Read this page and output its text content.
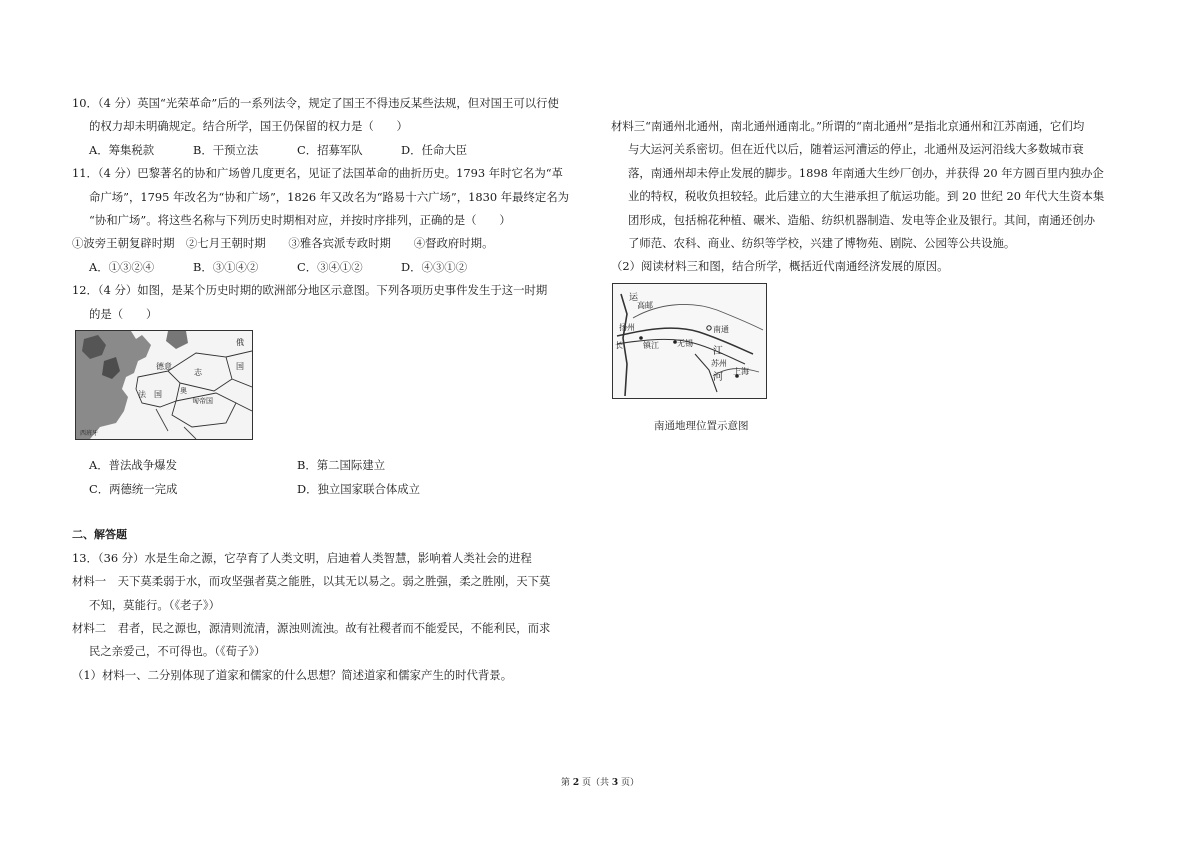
10．（4 分）英国“光荣革命”后的一系列法令，规定了国王不得违反某些法规，但对国王可以行使
的权力却未明确规定。结合所学，国王仍保留的权力是（　　）
A．筹集税款	B．干预立法	C．招募军队	D．任命大臣
11．（4 分）巴黎著名的协和广场曾几度更名，见证了法国革命的曲折历史。1793 年时它名为“革
命广场”，1795 年改名为“协和广场”，1826 年又改名为“路易十六广场”，1830 年最终定名为
“协和广场”。将这些名称与下列历史时期相对应，并按时序排列，正确的是（　　）
①波旁王朝复辟时期　②七月王朝时期　　③雅各宾派专政时期　　④督政府时期。
A．①③②④	B．③①④②	C．③④①②	D．④③①②
12．（4 分）如图，是某个历史时期的欧洲部分地区示意图。下列各项历史事件发生于这一时期
的是（　　）
德意
志
法　国	奥
匈帝国
俄
国
西班牙
A．普法战争爆发	B．第二国际建立
C．两德统一完成	D．独立国家联合体成立
二、解答题
13．（36 分）水是生命之源，它孕育了人类文明，启迪着人类智慧，影响着人类社会的进程
材料一　天下莫柔弱于水，而攻坚强者莫之能胜，以其无以易之。弱之胜强，柔之胜刚，天下莫
不知，莫能行。（《老子》）
材料二　君者，民之源也，源清则流清，源浊则流浊。故有社稷者而不能爱民，不能利民，而求
民之亲爱己，不可得也。（《荀子》）
（1）材料一、二分别体现了道家和儒家的什么思想？简述道家和儒家产生的时代背景。
材料三“南通州北通州，南北通州通南北。”所谓的“南北通州”是指北京通州和江苏南通，它们均
与大运河关系密切。但在近代以后，随着运河漕运的停止，北通州及运河沿线大多数城市衰
落，南通州却未停止发展的脚步。1898 年南通大生纱厂创办，并获得 20 年方圆百里内独办企
业的特权，税收负担较轻。此后建立的大生港承担了航运功能。到 20 世纪 20 年代大生资本集
团形成，包括棉花种植、碾米、造船、纺织机器制造、发电等企业及银行。其间，南通还创办
了师范、农科、商业、纺织等学校，兴建了博物苑、剧院、公园等公共设施。
（2）阅读材料三和图，结合所学，概括近代南通经济发展的原因。
运
高邮
扬州
长	镇江
南通
无锡
江
苏州
河
上海
南通地理位置示意图
第 2 页（共 3 页）
